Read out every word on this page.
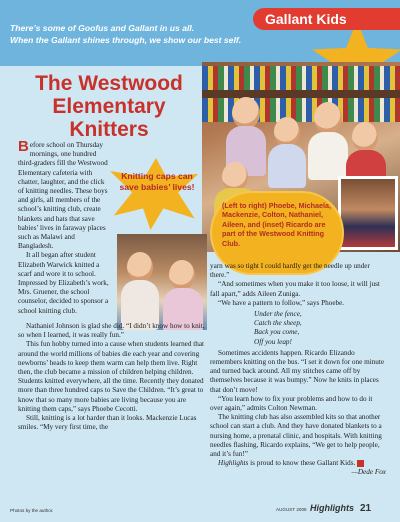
Gallant Kids
There’s some of Goofus and Gallant in us all.
When the Gallant shines through, we show our best self.
The Westwood Elementary Knitters
(Left to right) Phoebe, Michaela, Mackenzie, Colton, Nathaniel, Aileen, and (inset) Ricardo are part of the Westwood Knitting Club.
Knitting caps can save babies’ lives!

Before school on Thursday mornings, one hundred third-graders fill the Westwood Elementary cafeteria with chatter, laughter, and the click of knitting needles. These boys and girls, all members of the school’s knitting club, create blankets and hats that save babies’ lives in faraway places such as Malawi and Bangladesh.

It all began after student Elizabeth Warwick knitted a scarf and wore it to school. Impressed by Elizabeth’s work, Mrs. Gruener, the school counselor, decided to sponsor a school knitting club.

Nathaniel Johnson is glad she did. “I didn’t know how to knit, so when I learned, it was really fun.”

This fun hobby turned into a cause when students learned that around the world millions of babies die each year and covering newborns’ heads to keep them warm can help them live. Right then, the club became a mission of children helping children. Students knitted everywhere, all the time. Recently they donated more than three hundred caps to Save the Children. “It’s great to know that so many more babies are living because you are knitting them caps,” says Phoebe Cecotti.

Still, knitting is a lot harder than it looks. Mackenzie Lucas smiles. “My very first time, the

yarn was so tight I could hardly get the needle up under there.”

“And sometimes when you make it too loose, it will just fall apart,” adds Aileen Zuniga.

“We have a pattern to follow,” says Phoebe.

Under the fence,
Catch the sheep,
Back you come,
Off you leap!

Sometimes accidents happen. Ricardo Elizando remembers knitting on the bus. “I set it down for one minute and turned back around. All my stitches came off by themselves because it was bumpy.” Now he knits in places that don’t move!

“You learn how to fix your problems and how to do it over again,” admits Colton Newman.

The knitting club has also assembled kits so that another school can start a club. And they have donated blankets to a nursing home, a prenatal clinic, and hospitals. With knitting needles flashing, Ricardo explains, “We get to help people, and it’s fun!”

Highlights is proud to know these Gallant Kids.

—Dede Fox

Photos by the author.	AUGUST 2008 Highlights 21
